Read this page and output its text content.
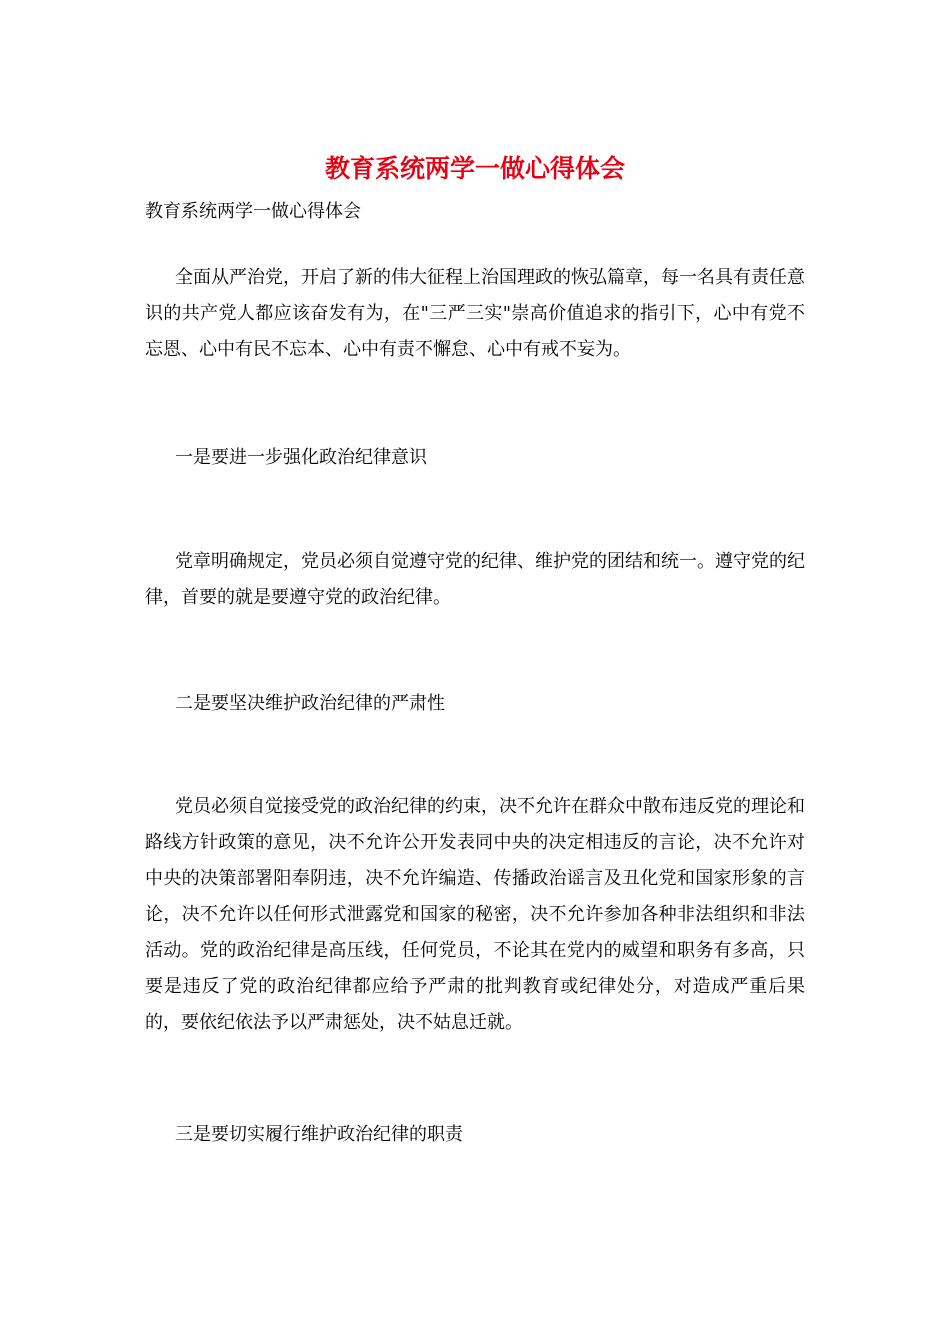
教育系统两学一做心得体会
教育系统两学一做心得体会

全面从严治党，开启了新的伟大征程上治国理政的恢弘篇章，每一名具有责任意识的共产党人都应该奋发有为，在"三严三实"崇高价值追求的指引下，心中有党不忘恩、心中有民不忘本、心中有责不懈怠、心中有戒不妄为。

一是要进一步强化政治纪律意识

党章明确规定，党员必须自觉遵守党的纪律、维护党的团结和统一。遵守党的纪律，首要的就是要遵守党的政治纪律。

二是要坚决维护政治纪律的严肃性

党员必须自觉接受党的政治纪律的约束，决不允许在群众中散布违反党的理论和路线方针政策的意见，决不允许公开发表同中央的决定相违反的言论，决不允许对中央的决策部署阳奉阴违，决不允许编造、传播政治谣言及丑化党和国家形象的言论，决不允许以任何形式泄露党和国家的秘密，决不允许参加各种非法组织和非法活动。党的政治纪律是高压线，任何党员，不论其在党内的威望和职务有多高，只要是违反了党的政治纪律都应给予严肃的批判教育或纪律处分，对造成严重后果的，要依纪依法予以严肃惩处，决不姑息迁就。

三是要切实履行维护政治纪律的职责
